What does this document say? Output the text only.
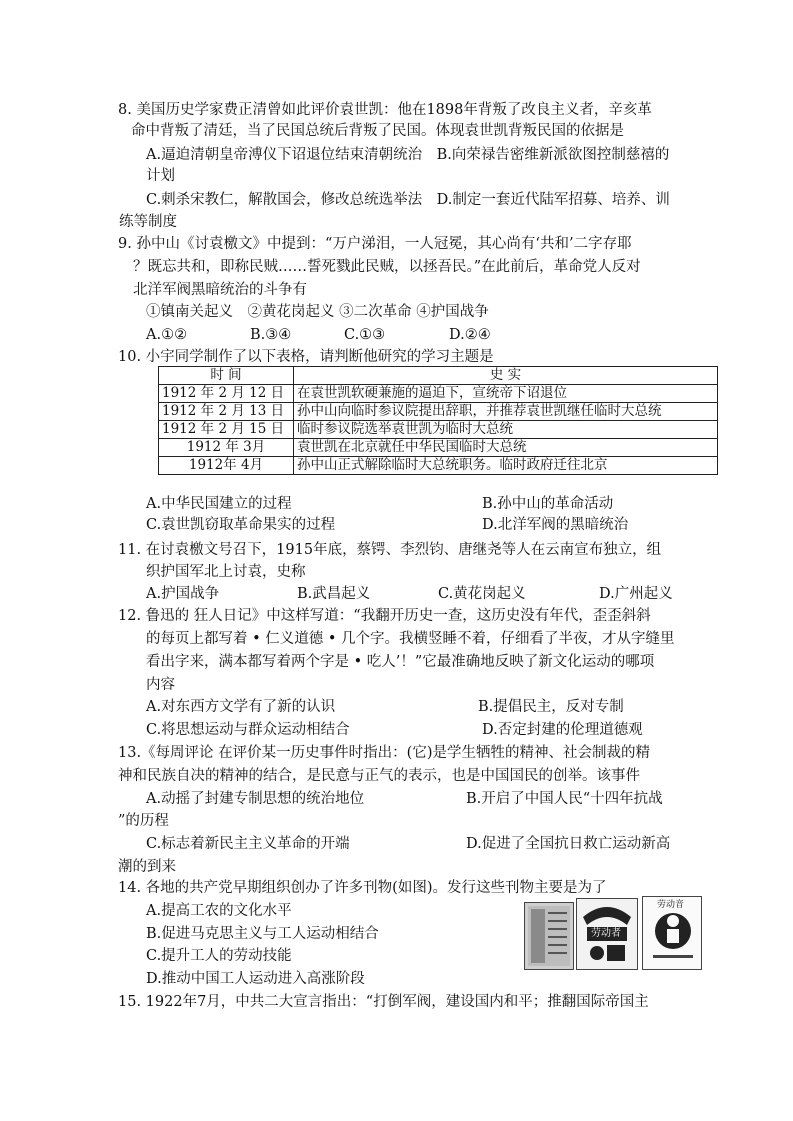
8. 美国历史学家费正清曾如此评价袁世凯：他在1898年背叛了改良主义者，辛亥革
命中背叛了清廷，当了民国总统后背叛了民国。体现袁世凯背叛民国的依据是
A.逼迫清朝皇帝溥仪下诏退位结束清朝统治　B.向荣禄告密维新派欲图控制慈禧的
计划
C.刺杀宋教仁，解散国会，修改总统选举法　D.制定一套近代陆军招募、培养、训
练等制度
9. 孙中山《讨袁檄文》中提到：“万户涕泪，一人冠冕，其心尚有‘共和’二字存耶
？既忘共和，即称民贼……誓死戮此民贼，以拯吾民。”在此前后，革命党人反对
北洋军阀黑暗统治的斗争有
①镇南关起义　②黄花岗起义 ③二次革命 ④护国战争
A.①②	B.③④	C.①③	D.②④
10. 小宇同学制作了以下表格，请判断他研究的学习主题是
时 间	史 实
1912 年 2 月 12 日	在袁世凯软硬兼施的逼迫下，宣统帝下诏退位
1912 年 2 月 13 日	孙中山向临时参议院提出辞职，并推荐袁世凯继任临时大总统
1912 年 2 月 15 日	临时参议院选举袁世凯为临时大总统
1912 年 3月	袁世凯在北京就任中华民国临时大总统
1912年 4月	孙中山正式解除临时大总统职务。临时政府迁往北京
A.中华民国建立的过程	B.孙中山的革命活动
C.袁世凯窃取革命果实的过程	D.北洋军阀的黑暗统治
11. 在讨袁檄文号召下，1915年底，蔡锷、李烈钧、唐继尧等人在云南宣布独立，组
织护国军北上讨袁，史称
A.护国战争	B.武昌起义	C.黄花岗起义	D.广州起义
12. 鲁迅的 狂人日记》中这样写道：“我翻开历史一查，这历史没有年代，歪歪斜斜
的每页上都写着 • 仁义道德 • 几个字。我横竖睡不着，仔细看了半夜，才从字缝里
看出字来，满本都写着两个字是 • 吃人’！”它最准确地反映了新文化运动的哪项
内容
A.对东西方文学有了新的认识	B.提倡民主，反对专制
C.将思想运动与群众运动相结合	D.否定封建的伦理道德观
13.《每周评论 在评价某一历史事件时指出：(它)是学生牺牲的精神、社会制裁的精
神和民族自决的精神的结合，是民意与正气的表示，也是中国国民的创举。该事件
A.动摇了封建专制思想的统治地位	B.开启了中国人民“十四年抗战
”的历程
C.标志着新民主主义革命的开端	D.促进了全国抗日救亡运动新高
潮的到来
14. 各地的共产党早期组织创办了许多刊物(如图)。发行这些刊物主要是为了
A.提高工农的文化水平
B.促进马克思主义与工人运动相结合
C.提升工人的劳动技能
D.推动中国工人运动进入高涨阶段
劳动者
劳动音
15. 1922年7月，中共二大宣言指出：“打倒军阀，建设国内和平；推翻国际帝国主
